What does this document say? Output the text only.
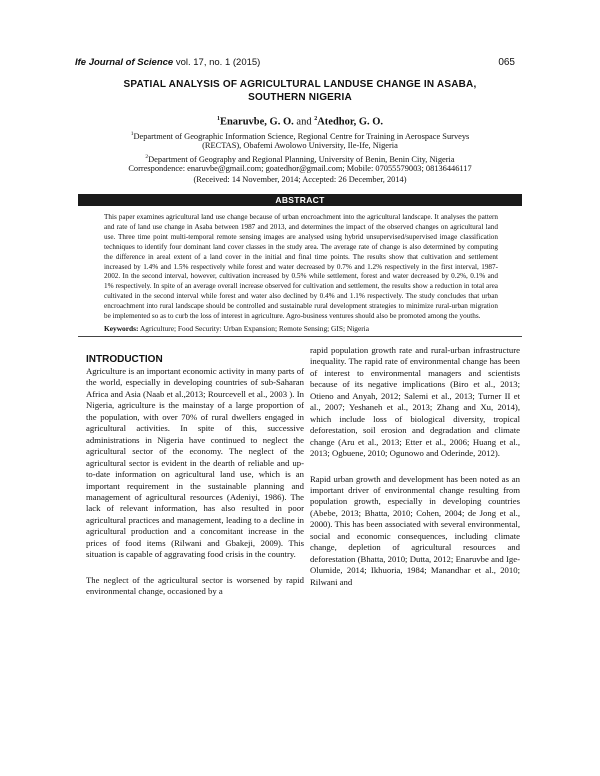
Ife Journal of Science vol. 17, no. 1 (2015)	065
SPATIAL ANALYSIS OF AGRICULTURAL LANDUSE CHANGE IN ASABA,
SOUTHERN NIGERIA
$^1$Enaruvbe, G. O. and $^2$Atedhor, G. O.
$^1$Department of Geographic Information Science, Regional Centre for Training in Aerospace Surveys
(RECTAS), Obafemi Awolowo University, Ile-Ife, Nigeria
$^2$Department of Geography and Regional Planning, University of Benin, Benin City, Nigeria
Correspondence: enaruvbe@gmail.com; goatedhor@gmail.com; Mobile: 07055579003; 08136446117
(Received: 14 November, 2014; Accepted: 26 December, 2014)
ABSTRACT
This paper examines agricultural land use change because of urban encroachment into the agricultural landscape. It analyses the pattern and rate of land use change in Asaba between 1987 and 2013, and determines the impact of the observed changes on agricultural land use. Three time point multi-temporal remote sensing images are analysed using hybrid unsupervised/supervised image classification techniques to identify four dominant land cover classes in the study area. The average rate of change is also determined by computing the difference in areal extent of a land cover in the initial and final time points. The results show that cultivation and settlement increased by 1.4% and 1.5% respectively while forest and water decreased by 0.7% and 1.2% respectively in the first interval, 1987-2002. In the second interval, however, cultivation increased by 0.5% while settlement, forest and water decreased by 0.2%, 0.1% and 1% respectively. In spite of an average overall increase observed for cultivation and settlement, the results show a reduction in total area cultivated in the second interval while forest and water also declined by 0.4% and 1.1% respectively. The study concludes that urban encroachment into rural landscape should be controlled and sustainable rural development strategies to minimize rural-urban migration be implemented so as to curb the loss of interest in agriculture. Agro-business ventures should also be promoted among the youths.
Keywords: Agriculture; Food Security: Urban Expansion; Remote Sensing; GIS; Nigeria
INTRODUCTION

Agriculture is an important economic activity in many parts of the world, especially in developing countries of sub-Saharan Africa and Asia (Naab et al.,2013; Rourcevell et al., 2003 ). In Nigeria, agriculture is the mainstay of a large proportion of the population, with over 70% of rural dwellers engaged in agricultural activities. In spite of this, successive administrations in Nigeria have continued to neglect the agricultural sector of the economy. The neglect of the agricultural sector is evident in the dearth of reliable and up-to-date information on agricultural land use, which is an important requirement in the sustainable planning and management of agricultural resources (Adeniyi, 1986). The lack of relevant information, has also resulted in poor agricultural practices and management, leading to a decline in agricultural production and a concomitant increase in the prices of food items (Rilwani and Gbakeji, 2009). This situation is capable of aggravating food crisis in the country.

The neglect of the agricultural sector is worsened by rapid environmental change, occasioned by a

rapid population growth rate and rural-urban infrastructure inequality. The rapid rate of environmental change has been of interest to environmental managers and scientists because of its negative implications (Biro et al., 2013; Otieno and Anyah, 2012; Salemi et al., 2013; Turner II et al., 2007; Yeshaneh et al., 2013; Zhang and Xu, 2014), which include loss of biological diversity, tropical deforestation, soil erosion and degradation and climate change (Aru et al., 2013; Etter et al., 2006; Huang et al., 2013; Ogbuene, 2010; Ogunowo and Oderinde, 2012).

Rapid urban growth and development has been noted as an important driver of environmental change resulting from population growth, especially in developing countries (Abebe, 2013; Bhatta, 2010; Cohen, 2004; de Jong et al., 2000). This has been associated with several environmental, social and economic consequences, including climate change, depletion of agricultural resources and deforestation (Bhatta, 2010; Dutta, 2012; Enaruvbe and Ige-Olumide, 2014; Ikhuoria, 1984; Manandhar et al., 2010; Rilwani and
